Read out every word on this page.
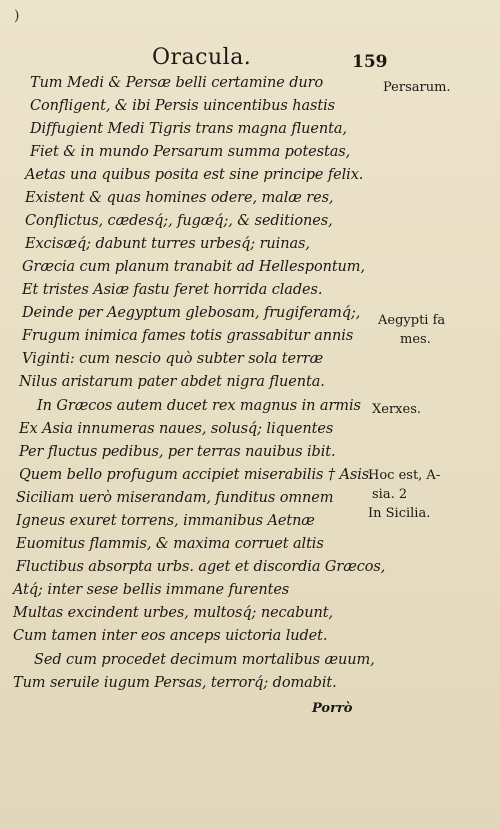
)
Oracula.	159
Tum Medi & Persæ belli certamine duro
Confligent, & ibi Persis uincentibus hastis
Diffugient Medi Tigris trans magna fluenta,
Fiet & in mundo Persarum summa potestas,
Aetas una quibus posita est sine principe felix.
Existent & quas homines odere, malæ res,
Conflictus, cædesq́;, fugæq́;, & seditiones,
Excisæq́; dabunt turres urbesq́; ruinas,
Græcia cum planum tranabit ad Hellespontum,
Et tristes Asiæ fastu feret horrida clades.
Deinde per Aegyptum glebosam, frugiferamq́;,
Frugum inimica fames totis grassabitur annis
Viginti: cum nescio quò subter sola terræ
Nilus aristarum pater abdet nigra fluenta.
In Græcos autem ducet rex magnus in armis
Ex Asia innumeras naues, solusq́; liquentes
Per fluctus pedibus, per terras nauibus ibit.
Quem bello profugum accipiet miserabilis † Asis.
Siciliam uerò miserandam, funditus omnem
Igneus exuret torrens, immanibus Aetnæ
Euomitus flammis, & maxima corruet altis
Fluctibus absorpta urbs. aget et discordia Græcos,
Atq́; inter sese bellis immane furentes
Multas excindent urbes, multosq́; necabunt,
Cum tamen inter eos anceps uictoria ludet.
Sed cum procedet decimum mortalibus æuum,
Tum seruile iugum Persas, terrorq́; domabit.
Persarum.
Aegypti fa
mes.
Xerxes.
Hoc est, A-
sia. 2
In Sicilia.
Porrò
